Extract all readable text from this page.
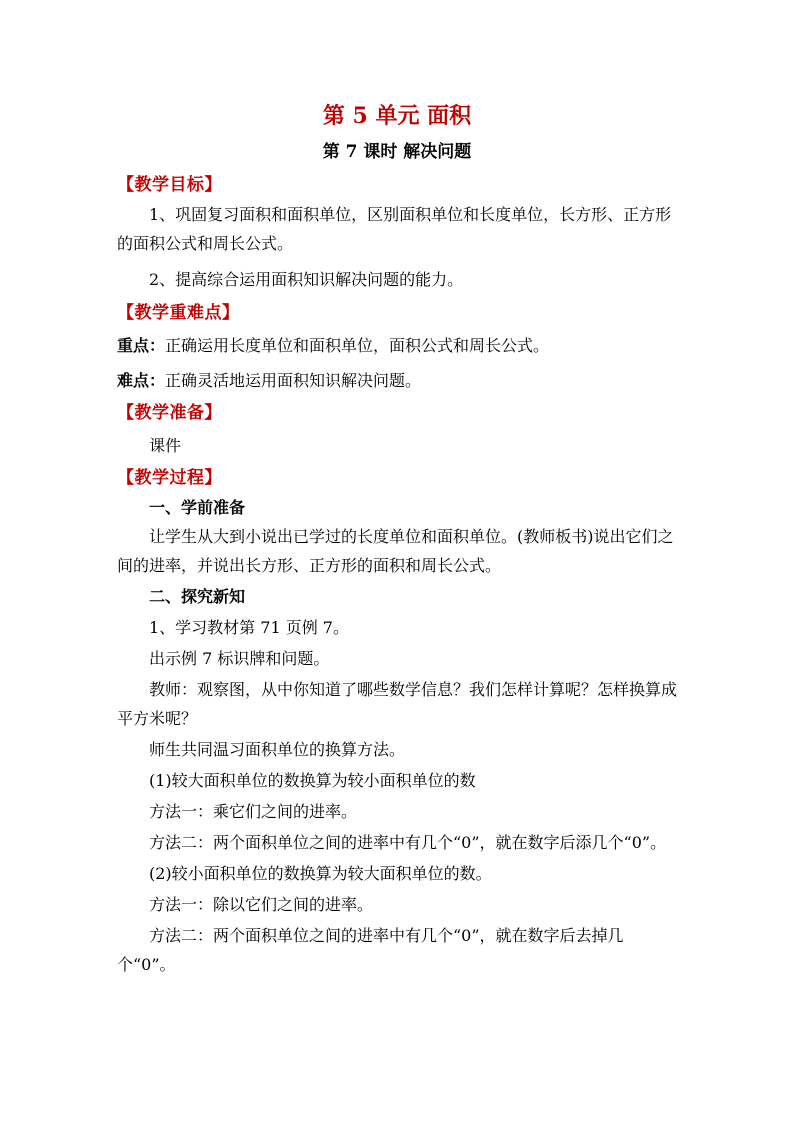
第 5 单元 面积
第 7 课时 解决问题
【教学目标】

1、巩固复习面积和面积单位，区别面积单位和长度单位，长方形、正方形的面积公式和周长公式。

2、提高综合运用面积知识解决问题的能力。

【教学重难点】

重点：正确运用长度单位和面积单位，面积公式和周长公式。

难点：正确灵活地运用面积知识解决问题。

【教学准备】

课件

【教学过程】

一、学前准备

让学生从大到小说出已学过的长度单位和面积单位。(教师板书)说出它们之间的进率，并说出长方形、正方形的面积和周长公式。

二、探究新知

1、学习教材第 71 页例 7。

出示例 7 标识牌和问题。

教师：观察图，从中你知道了哪些数学信息？我们怎样计算呢？怎样换算成平方米呢？

师生共同温习面积单位的换算方法。

(1)较大面积单位的数换算为较小面积单位的数

方法一：乘它们之间的进率。

方法二：两个面积单位之间的进率中有几个“0”，就在数字后添几个“0”。

(2)较小面积单位的数换算为较大面积单位的数。

方法一：除以它们之间的进率。

方法二：两个面积单位之间的进率中有几个“0”，就在数字后去掉几个“0”。
